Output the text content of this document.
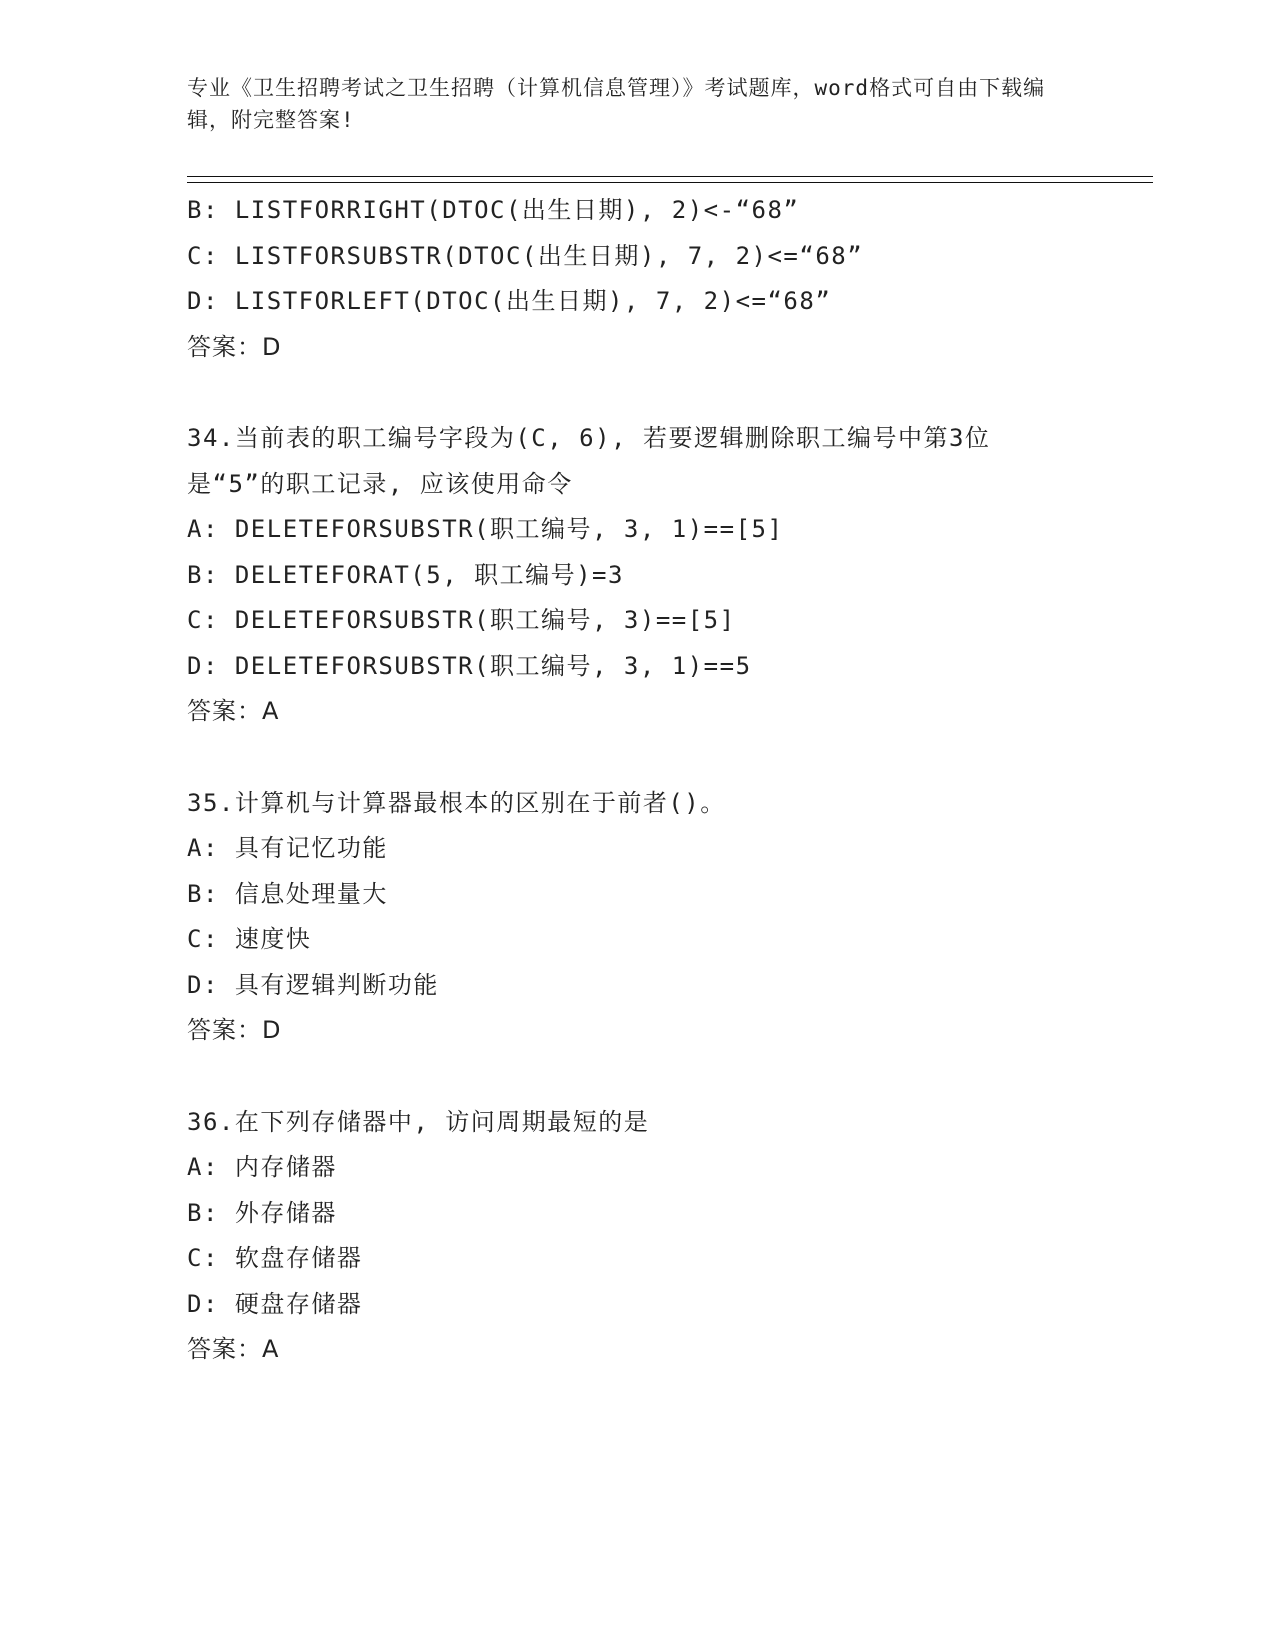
专业《卫生招聘考试之卫生招聘（计算机信息管理）》考试题库，word格式可自由下载编辑，附完整答案!
B: LISTFORRIGHT(DTOC(出生日期), 2)<-“68”
C: LISTFORSUBSTR(DTOC(出生日期), 7, 2)<=“68”
D: LISTFORLEFT(DTOC(出生日期), 7, 2)<=“68”
答案：D
34.当前表的职工编号字段为(C, 6), 若要逻辑删除职工编号中第3位是“5”的职工记录, 应该使用命令
A: DELETEFORSUBSTR(职工编号, 3, 1)==[5]
B: DELETEFORAT(5, 职工编号)=3
C: DELETEFORSUBSTR(职工编号, 3)==[5]
D: DELETEFORSUBSTR(职工编号, 3, 1)==5
答案：A
35.计算机与计算器最根本的区别在于前者()。
A: 具有记忆功能
B: 信息处理量大
C: 速度快
D: 具有逻辑判断功能
答案：D
36.在下列存储器中, 访问周期最短的是
A: 内存储器
B: 外存储器
C: 软盘存储器
D: 硬盘存储器
答案：A
